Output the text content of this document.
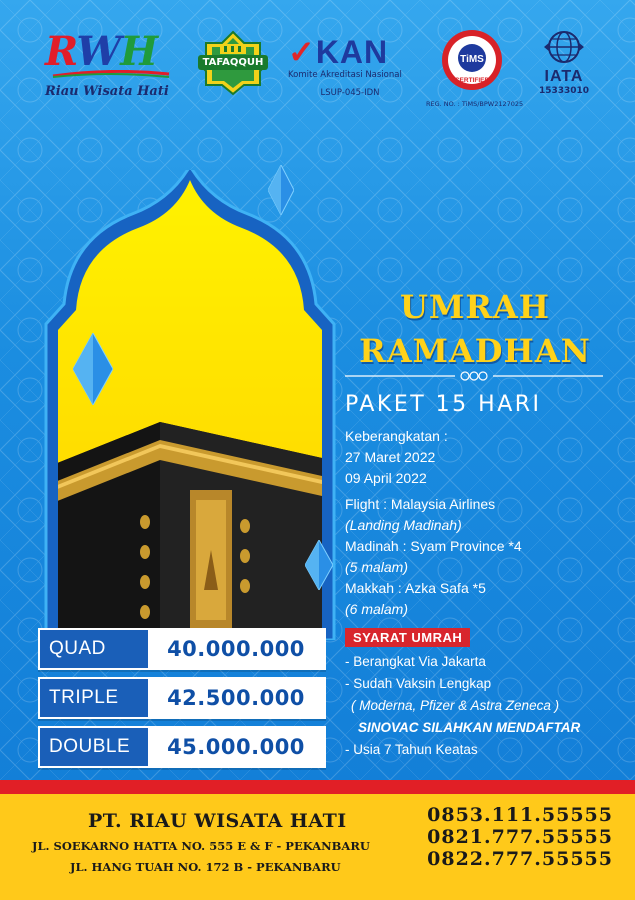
RWH
Riau Wisata Hati
TAFAQQUH ✓KAN
Komite Akreditasi Nasional
LSUP-045-IDN
TiMS
CERTIFIED
REG. NO. : TiMS/BPW2127025
IATA
15333010
UMRAH
RAMADHAN
PAKET 15 HARI
Keberangkatan :
27 Maret 2022
09 April 2022
Flight : Malaysia Airlines
(Landing Madinah)
Madinah : Syam Province *4
(5 malam)
Makkah : Azka Safa *5
(6 malam)
SYARAT UMRAH
- Berangkat Via Jakarta
- Sudah Vaksin Lengkap
( Moderna, Pfizer & Astra Zeneca )
SINOVAC SILAHKAN MENDAFTAR
- Usia 7 Tahun Keatas
QUAD	40.000.000
TRIPLE	42.500.000
DOUBLE	45.000.000
PT. RIAU WISATA HATI
JL. SOEKARNO HATTA NO. 555 E & F - PEKANBARU
JL. HANG TUAH NO. 172 B - PEKANBARU
0853.111.55555
0821.777.55555
0822.777.55555
